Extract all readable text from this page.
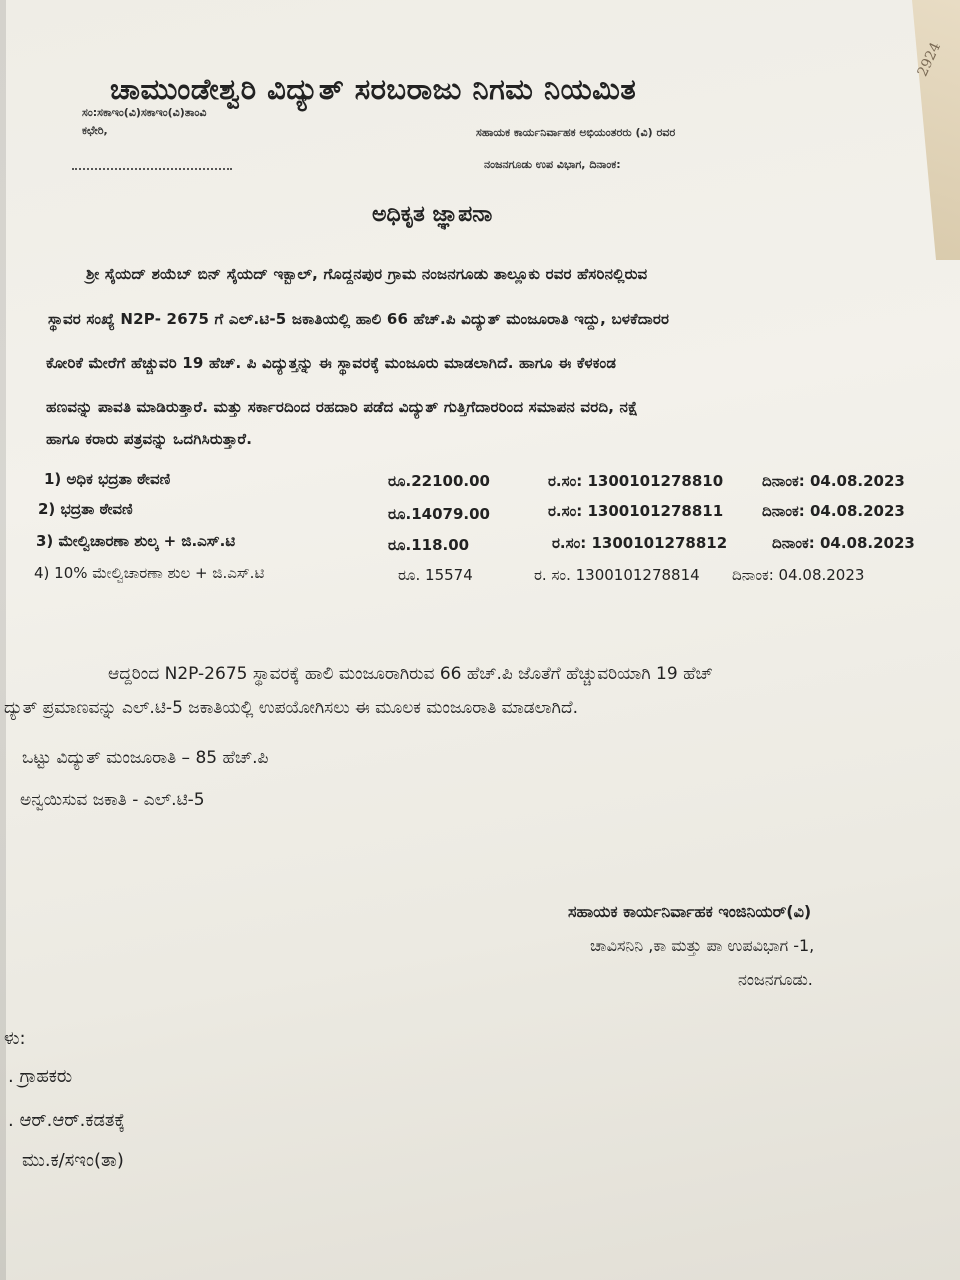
2924
ಚಾಮುಂಡೇಶ್ವರಿ ವಿದ್ಯುತ್ ಸರಬರಾಜು ನಿಗಮ ನಿಯಮಿತ
ಸಂ:ಸಕಾಇಂ(ವಿ)ಸಕಾಇಂ(ವಿ)ತಾಂವಿ
ಕಛೇರಿ,	ಸಹಾಯಕ ಕಾರ್ಯನಿರ್ವಾಹಕ ಅಭಿಯಂತರರು (ವಿ) ರವರ
ನಂಜನಗೂಡು ಉಪ ವಿಭಾಗ, ದಿನಾಂಕ:
ಅಧಿಕೃತ ಜ್ಞಾಪನಾ
ಶ್ರೀ ಸೈಯದ್ ಶಯೆಬ್ ಬಿನ್ ಸೈಯದ್ ಇಕ್ಬಾಲ್, ಗೊದ್ದನಪುರ ಗ್ರಾಮ ನಂಜನಗೂಡು ತಾಲ್ಲೂಕು ರವರ ಹೆಸರಿನಲ್ಲಿರುವ
ಸ್ಥಾವರ ಸಂಖ್ಯೆ N2P- 2675 ಗೆ ಎಲ್.ಟಿ-5 ಜಕಾತಿಯಲ್ಲಿ ಹಾಲಿ 66 ಹೆಚ್.ಪಿ ವಿದ್ಯುತ್ ಮಂಜೂರಾತಿ ಇದ್ದು, ಬಳಕೆದಾರರ
ಕೋರಿಕೆ ಮೇರೆಗೆ ಹೆಚ್ಚುವರಿ 19 ಹೆಚ್. ಪಿ ವಿದ್ಯುತ್ತನ್ನು ಈ ಸ್ಥಾವರಕ್ಕೆ ಮಂಜೂರು ಮಾಡಲಾಗಿದೆ. ಹಾಗೂ ಈ ಕೆಳಕಂಡ
ಹಣವನ್ನು ಪಾವತಿ ಮಾಡಿರುತ್ತಾರೆ. ಮತ್ತು ಸರ್ಕಾರದಿಂದ ರಹದಾರಿ ಪಡೆದ ವಿದ್ಯುತ್ ಗುತ್ತಿಗೆದಾರರಿಂದ ಸಮಾಪನ ವರದಿ, ನಕ್ಷೆ
ಹಾಗೂ ಕರಾರು ಪತ್ರವನ್ನು ಒದಗಿಸಿರುತ್ತಾರೆ.
1) ಅಧಿಕ ಭದ್ರತಾ ಠೇವಣಿ	ರೂ.22100.00	ರ.ಸಂ: 1300101278810	ದಿನಾಂಕ: 04.08.2023
2) ಭದ್ರತಾ ಠೇವಣಿ	ರೂ.14079.00	ರ.ಸಂ: 1300101278811	ದಿನಾಂಕ: 04.08.2023
3) ಮೇಲ್ವಿಚಾರಣಾ ಶುಲ್ಕ + ಜಿ.ಎಸ್.ಟಿ	ರೂ.118.00	ರ.ಸಂ: 1300101278812	ದಿನಾಂಕ: 04.08.2023
4) 10% ಮೇಲ್ವಿಚಾರಣಾ ಶುಲ + ಜಿ.ಎಸ್.ಟಿ	ರೂ. 15574	ರ. ಸಂ. 1300101278814 ದಿನಾಂಕ: 04.08.2023
ಆದ್ದರಿಂದ N2P-2675 ಸ್ಥಾವರಕ್ಕೆ ಹಾಲಿ ಮಂಜೂರಾಗಿರುವ 66 ಹೆಚ್.ಪಿ ಜೊತೆಗೆ ಹೆಚ್ಚುವರಿಯಾಗಿ 19 ಹೆಚ್
ದ್ಯುತ್ ಪ್ರಮಾಣವನ್ನು ಎಲ್.ಟಿ-5 ಜಕಾತಿಯಲ್ಲಿ ಉಪಯೋಗಿಸಲು ಈ ಮೂಲಕ ಮಂಜೂರಾತಿ ಮಾಡಲಾಗಿದೆ.
ಒಟ್ಟು ವಿದ್ಯುತ್ ಮಂಜೂರಾತಿ – 85 ಹೆಚ್.ಪಿ
ಅನ್ವಯಿಸುವ ಜಕಾತಿ - ಎಲ್.ಟಿ-5
ಸಹಾಯಕ ಕಾರ್ಯನಿರ್ವಾಹಕ ಇಂಜಿನಿಯರ್(ವಿ)
ಚಾವಿಸನಿನಿ ,ಕಾ ಮತ್ತು ಪಾ ಉಪವಿಭಾಗ -1,
ನಂಜನಗೂಡು.
ಳು:
. ಗ್ರಾಹಕರು
. ಆರ್.ಆರ್.ಕಡತಕ್ಕೆ
ಮು.ಕ/ಸಇಂ(ತಾ)
